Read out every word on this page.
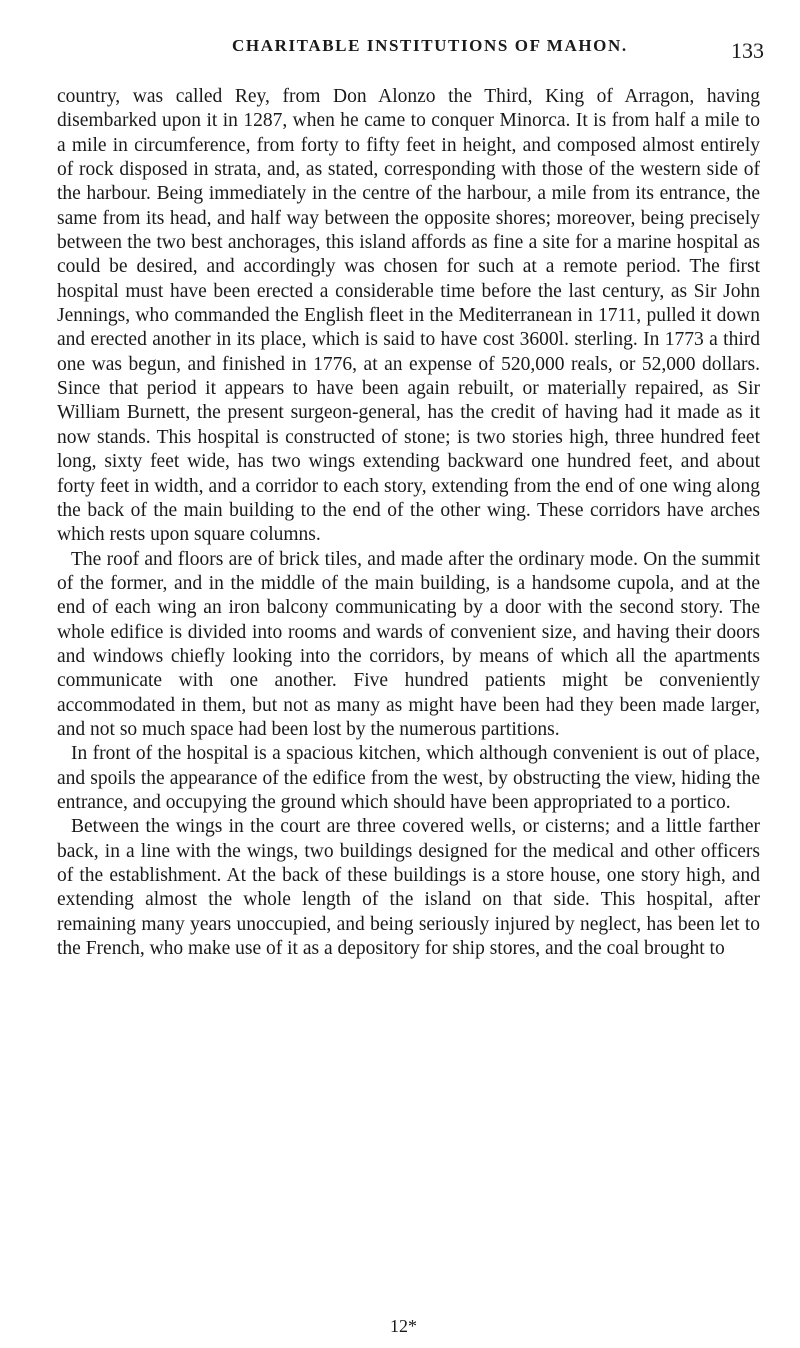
CHARITABLE INSTITUTIONS OF MAHON.	133

country, was called Rey, from Don Alonzo the Third, King of Arragon, having disembarked upon it in 1287, when he came to conquer Minorca. It is from half a mile to a mile in circumference, from forty to fifty feet in height, and composed almost entirely of rock disposed in strata, and, as stated, corresponding with those of the western side of the harbour. Being immediately in the centre of the harbour, a mile from its entrance, the same from its head, and half way between the opposite shores; moreover, being precisely between the two best anchorages, this island affords as fine a site for a marine hospital as could be desired, and accordingly was chosen for such at a remote period. The first hospital must have been erected a considerable time before the last century, as Sir John Jennings, who commanded the English fleet in the Mediterranean in 1711, pulled it down and erected another in its place, which is said to have cost 3600l. sterling. In 1773 a third one was begun, and finished in 1776, at an expense of 520,000 reals, or 52,000 dollars. Since that period it appears to have been again rebuilt, or materially repaired, as Sir William Burnett, the present surgeon-general, has the credit of having had it made as it now stands. This hospital is constructed of stone; is two stories high, three hundred feet long, sixty feet wide, has two wings extending backward one hundred feet, and about forty feet in width, and a corridor to each story, extending from the end of one wing along the back of the main building to the end of the other wing. These corridors have arches which rests upon square columns.

The roof and floors are of brick tiles, and made after the ordinary mode. On the summit of the former, and in the middle of the main building, is a handsome cupola, and at the end of each wing an iron balcony communicating by a door with the second story. The whole edifice is divided into rooms and wards of convenient size, and having their doors and windows chiefly looking into the corridors, by means of which all the apartments communicate with one another. Five hundred patients might be conveniently accommodated in them, but not as many as might have been had they been made larger, and not so much space had been lost by the numerous partitions.

In front of the hospital is a spacious kitchen, which although convenient is out of place, and spoils the appearance of the edifice from the west, by obstructing the view, hiding the entrance, and occupying the ground which should have been appropriated to a portico.

Between the wings in the court are three covered wells, or cisterns; and a little farther back, in a line with the wings, two buildings designed for the medical and other officers of the establishment. At the back of these buildings is a store house, one story high, and extending almost the whole length of the island on that side. This hospital, after remaining many years unoccupied, and being seriously injured by neglect, has been let to the French, who make use of it as a depository for ship stores, and the coal brought to

12*
